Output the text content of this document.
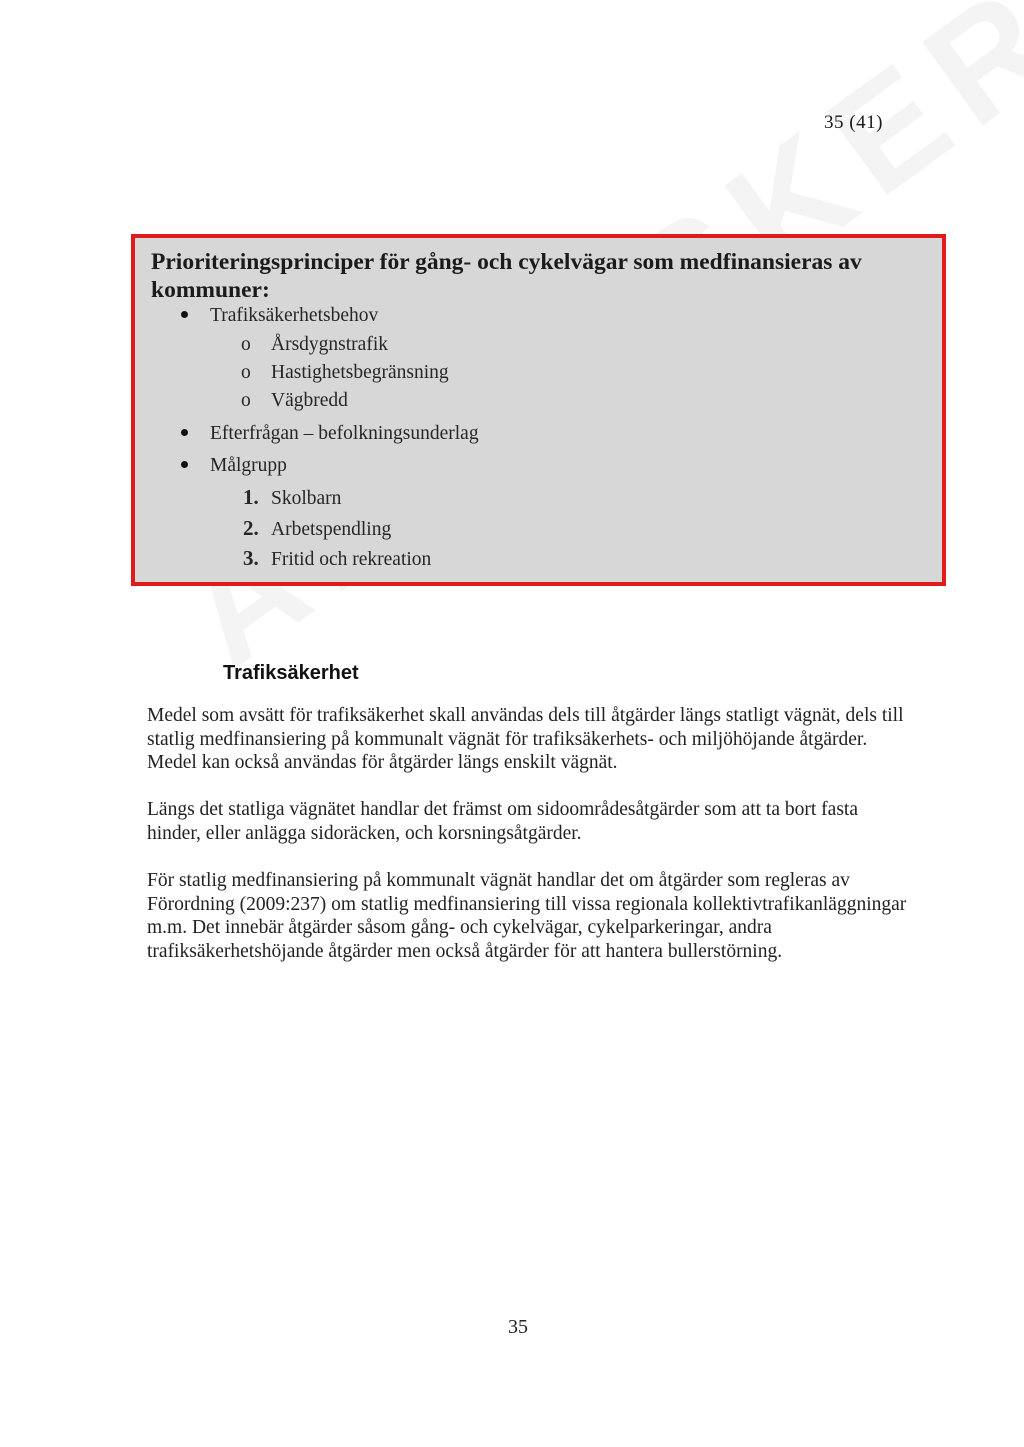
35 (41)
Prioriteringsprinciper för gång- och cykelvägar som medfinansieras av kommuner:
Trafiksäkerhetsbehov
o Årsdygnstrafik
o Hastighetsbegränsning
o Vägbredd
Efterfrågan – befolkningsunderlag
Målgrupp
1. Skolbarn
2. Arbetspendling
3. Fritid och rekreation
Trafiksäkerhet
Medel som avsätt för trafiksäkerhet skall användas dels till åtgärder längs statligt vägnät, dels till statlig medfinansiering på kommunalt vägnät för trafiksäkerhets- och miljöhöjande åtgärder. Medel kan också användas för åtgärder längs enskilt vägnät.
Längs det statliga vägnätet handlar det främst om sidoområdesåtgärder som att ta bort fasta hinder, eller anlägga sidoräcken, och korsningsåtgärder.
För statlig medfinansiering på kommunalt vägnät handlar det om åtgärder som regleras av Förordning (2009:237) om statlig medfinansiering till vissa regionala kollektivtrafikanläggningar m.m. Det innebär åtgärder såsom gång- och cykelvägar, cykelparkeringar, andra trafiksäkerhetshöjande åtgärder men också åtgärder för att hantera bullerstörning.
35
